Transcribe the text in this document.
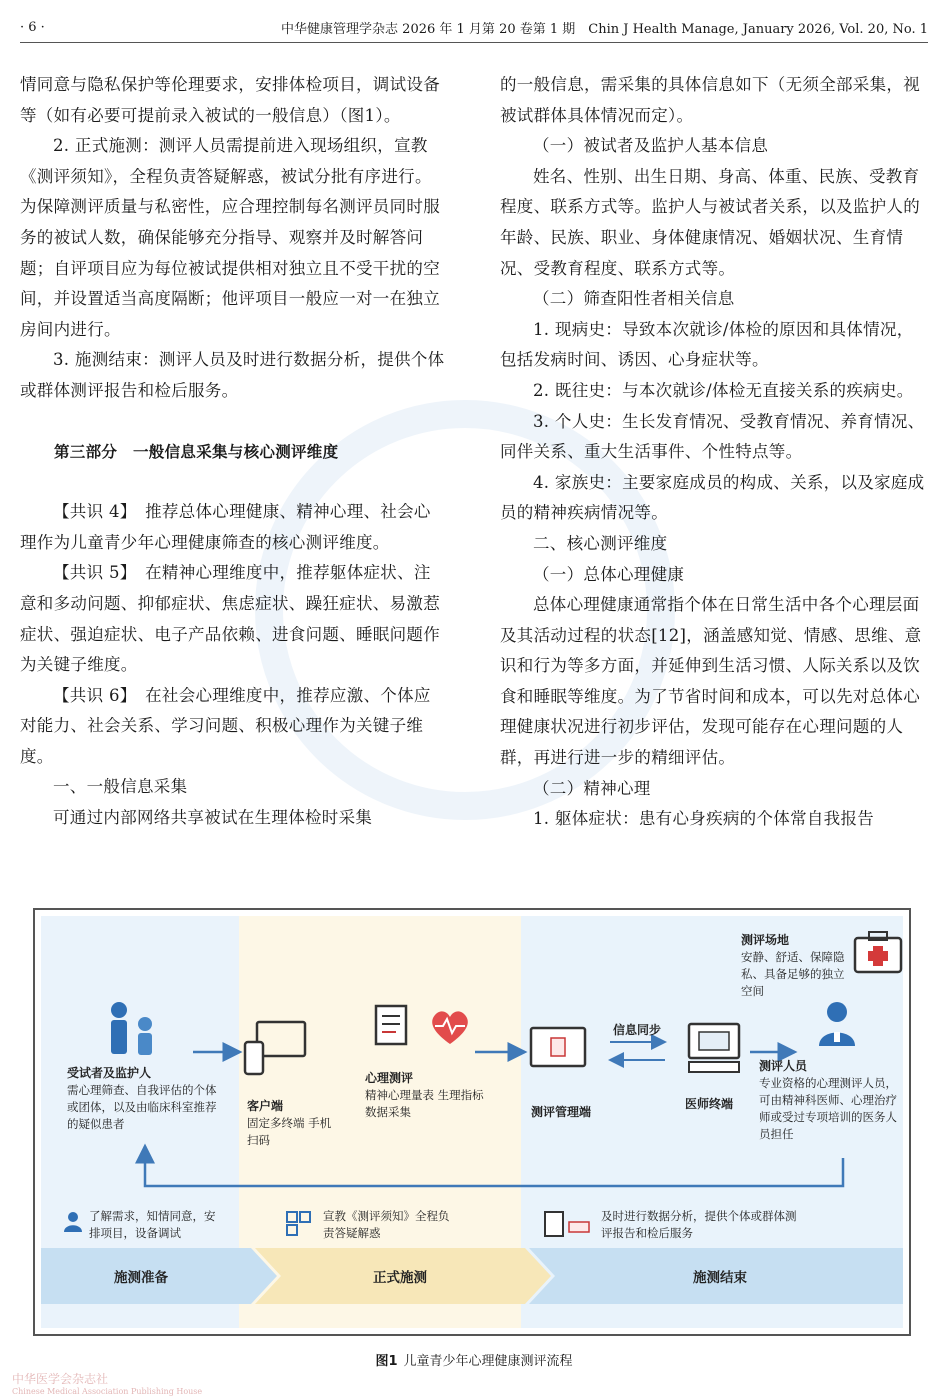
· 6 ·	中华健康管理学杂志 2026 年 1 月第 20 卷第 1 期　Chin J Health Manage, January 2026, Vol. 20, No. 1

情同意与隐私保护等伦理要求，安排体检项目，调试设备等（如有必要可提前录入被试的一般信息）（图1）。

2. 正式施测：测评人员需提前进入现场组织，宣教《测评须知》，全程负责答疑解惑，被试分批有序进行。为保障测评质量与私密性，应合理控制每名测评员同时服务的被试人数，确保能够充分指导、观察并及时解答问题；自评项目应为每位被试提供相对独立且不受干扰的空间，并设置适当高度隔断；他评项目一般应一对一在独立房间内进行。

3. 施测结束：测评人员及时进行数据分析，提供个体或群体测评报告和检后服务。

第三部分　一般信息采集与核心测评维度

【共识 4】　推荐总体心理健康、精神心理、社会心理作为儿童青少年心理健康筛查的核心测评维度。

【共识 5】　在精神心理维度中，推荐躯体症状、注意和多动问题、抑郁症状、焦虑症状、躁狂症状、易激惹症状、强迫症状、电子产品依赖、进食问题、睡眠问题作为关键子维度。

【共识 6】　在社会心理维度中，推荐应激、个体应对能力、社会关系、学习问题、积极心理作为关键子维度。

一、一般信息采集

可通过内部网络共享被试在生理体检时采集

的一般信息，需采集的具体信息如下（无须全部采集，视被试群体具体情况而定）。

（一）被试者及监护人基本信息

姓名、性别、出生日期、身高、体重、民族、受教育程度、联系方式等。监护人与被试者关系，以及监护人的年龄、民族、职业、身体健康情况、婚姻状况、生育情况、受教育程度、联系方式等。

（二）筛查阳性者相关信息

1. 现病史：导致本次就诊/体检的原因和具体情况，包括发病时间、诱因、心身症状等。

2. 既往史：与本次就诊/体检无直接关系的疾病史。

3. 个人史：生长发育情况、受教育情况、养育情况、同伴关系、重大生活事件、个性特点等。

4. 家族史：主要家庭成员的构成、关系，以及家庭成员的精神疾病情况等。

二、核心测评维度

（一）总体心理健康

总体心理健康通常指个体在日常生活中各个心理层面及其活动过程的状态[12]，涵盖感知觉、情感、思维、意识和行为等多方面，并延伸到生活习惯、人际关系以及饮食和睡眠等维度。为了节省时间和成本，可以先对总体心理健康状况进行初步评估，发现可能存在心理问题的人群，再进行进一步的精细评估。

（二）精神心理

1. 躯体症状：患有心身疾病的个体常自我报告

测评场地
安静、舒适、保障隐私、具备足够的独立空间
受试者及监护人
需心理筛查、自我评估的个体或团体，以及由临床科室推荐的疑似患者
客户端
固定多终端 手机扫码
心理测评
精神心理量表 生理指标数据采集	测评管理端
信息同步
医师终端
测评人员
专业资格的心理测评人员，可由精神科医师、心理治疗师或受过专项培训的医务人员担任
了解需求，知情同意，安排项目，设备调试
宣教《测评须知》全程负责答疑解惑
及时进行数据分析，提供个体或群体测评报告和检后服务
施测准备	正式施测	施测结束
图1 儿童青少年心理健康测评流程
中华医学会杂志社
Chinese Medical Association Publishing House
